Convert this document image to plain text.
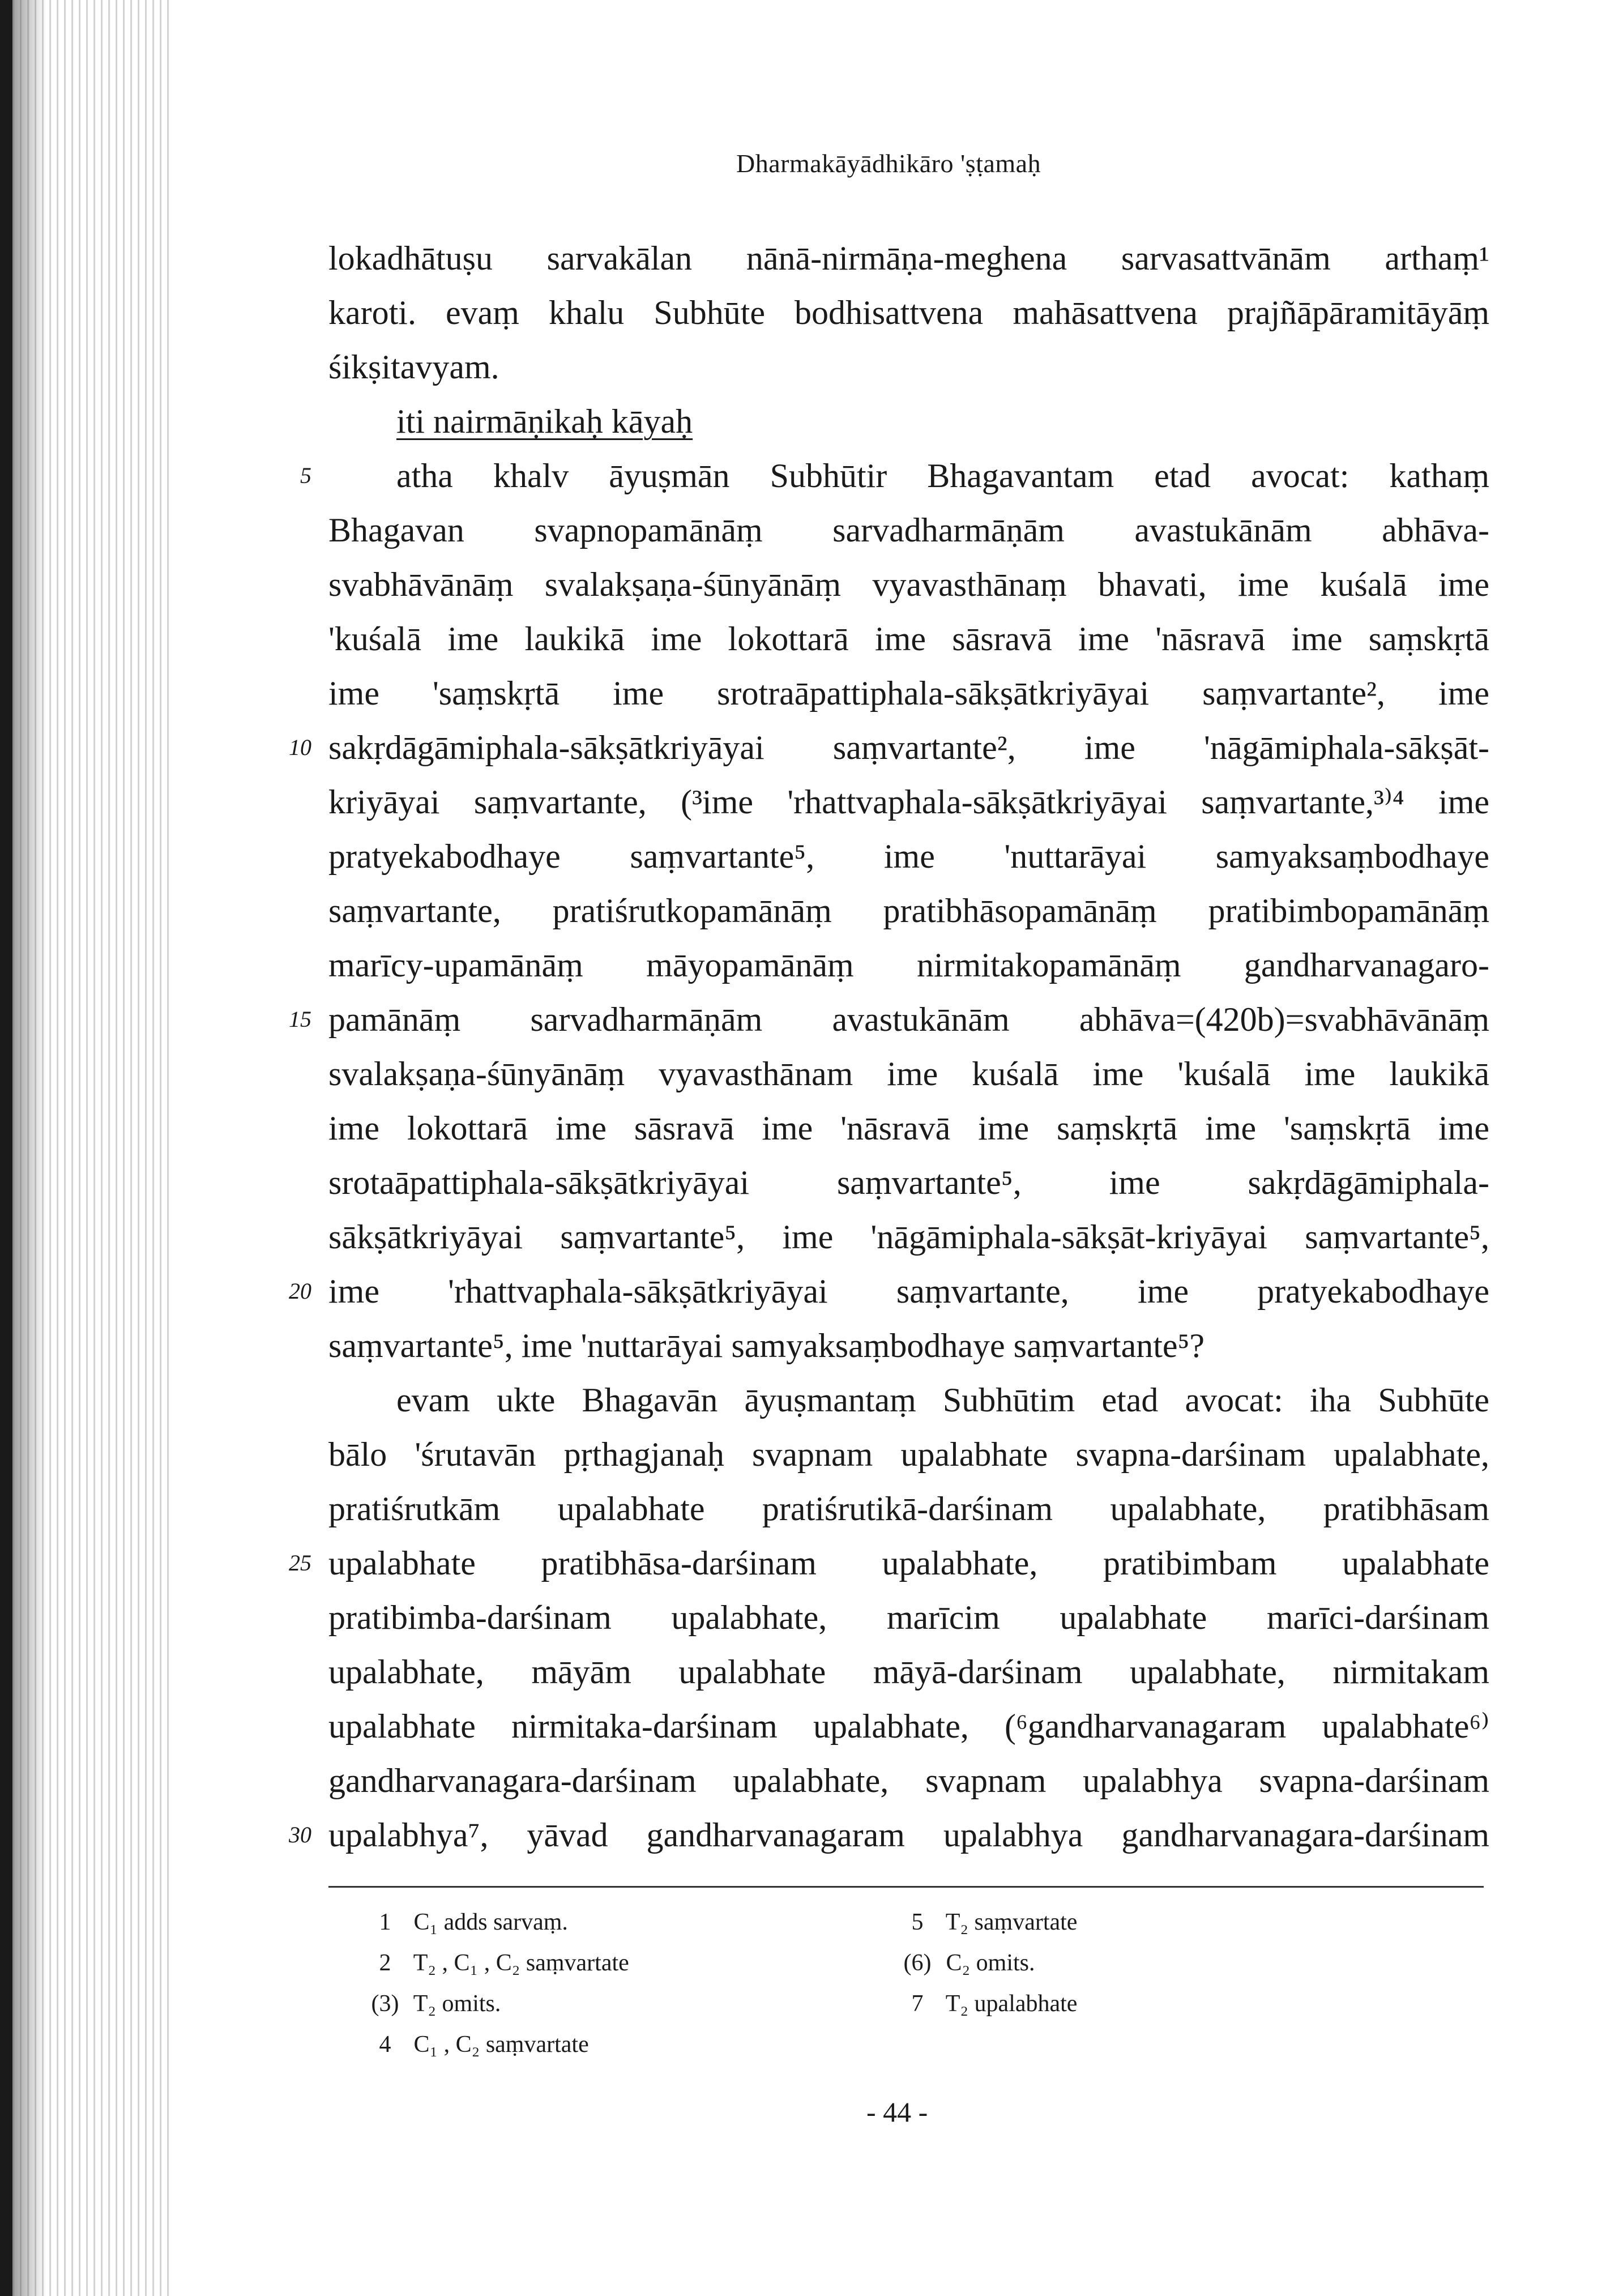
Dharmakāyādhikāro 'ṣṭamaḥ
lokadhātuṣu sarvakālan nānā-nirmāṇa-meghena sarvasattvānām arthaṃ¹
karoti. evaṃ khalu Subhūte bodhisattvena mahāsattvena prajñāpāramitāyāṃ
śikṣitavyam.
iti nairmāṇikaḥ kāyaḥ
5	atha khalv āyuṣmān Subhūtir Bhagavantam etad avocat: kathaṃ
Bhagavan svapnopamānāṃ sarvadharmāṇām avastukānām abhāva-
svabhāvānāṃ svalakṣaṇa-śūnyānāṃ vyavasthānaṃ bhavati, ime kuśalā ime
'kuśalā ime laukikā ime lokottarā ime sāsravā ime 'nāsravā ime saṃskṛtā
ime 'saṃskṛtā ime srotraāpattiphala-sākṣātkriyāyai saṃvartante², ime
10 sakṛdāgāmiphala-sākṣātkriyāyai saṃvartante², ime 'nāgāmiphala-sākṣāt-
kriyāyai saṃvartante, (³ime 'rhattvaphala-sākṣātkriyāyai saṃvartante,³⁾⁴ ime
pratyekabodhaye saṃvartante⁵, ime 'nuttarāyai samyaksaṃbodhaye
saṃvartante, pratiśrutkopamānāṃ pratibhāsopamānāṃ pratibimbopamānāṃ
marīcy-upamānāṃ māyopamānāṃ nirmitakopamānāṃ gandharvanagaro-
15 pamānāṃ sarvadharmāṇām avastukānām abhāva=(420b)=svabhāvānāṃ
svalakṣaṇa-śūnyānāṃ vyavasthānam ime kuśalā ime 'kuśalā ime laukikā
ime lokottarā ime sāsravā ime 'nāsravā ime saṃskṛtā ime 'saṃskṛtā ime
srotaāpattiphala-sākṣātkriyāyai saṃvartante⁵, ime sakṛdāgāmiphala-
sākṣātkriyāyai saṃvartante⁵, ime 'nāgāmiphala-sākṣāt-kriyāyai saṃvartante⁵,
20 ime 'rhattvaphala-sākṣātkriyāyai saṃvartante, ime pratyekabodhaye
saṃvartante⁵, ime 'nuttarāyai samyaksaṃbodhaye saṃvartante⁵?
evam ukte Bhagavān āyuṣmantaṃ Subhūtim etad avocat: iha Subhūte
bālo 'śrutavān pṛthagjanaḥ svapnam upalabhate svapna-darśinam upalabhate,
pratiśrutkām upalabhate pratiśrutikā-darśinam upalabhate, pratibhāsam
25 upalabhate pratibhāsa-darśinam upalabhate, pratibimbam upalabhate
pratibimba-darśinam upalabhate, marīcim upalabhate marīci-darśinam
upalabhate, māyām upalabhate māyā-darśinam upalabhate, nirmitakam
upalabhate nirmitaka-darśinam upalabhate, (⁶gandharvanagaram upalabhate⁶⁾
gandharvanagara-darśinam upalabhate, svapnam upalabhya svapna-darśinam
30 upalabhya⁷, yāvad gandharvanagaram upalabhya gandharvanagara-darśinam
1 C₁ adds sarvaṃ.
2 T₂ , C₁ , C₂ saṃvartate
(3) T₂ omits.
4 C₁ , C₂ saṃvartate
5 T₂ saṃvartate
(6) C₂ omits.
7 T₂ upalabhate
- 44 -
